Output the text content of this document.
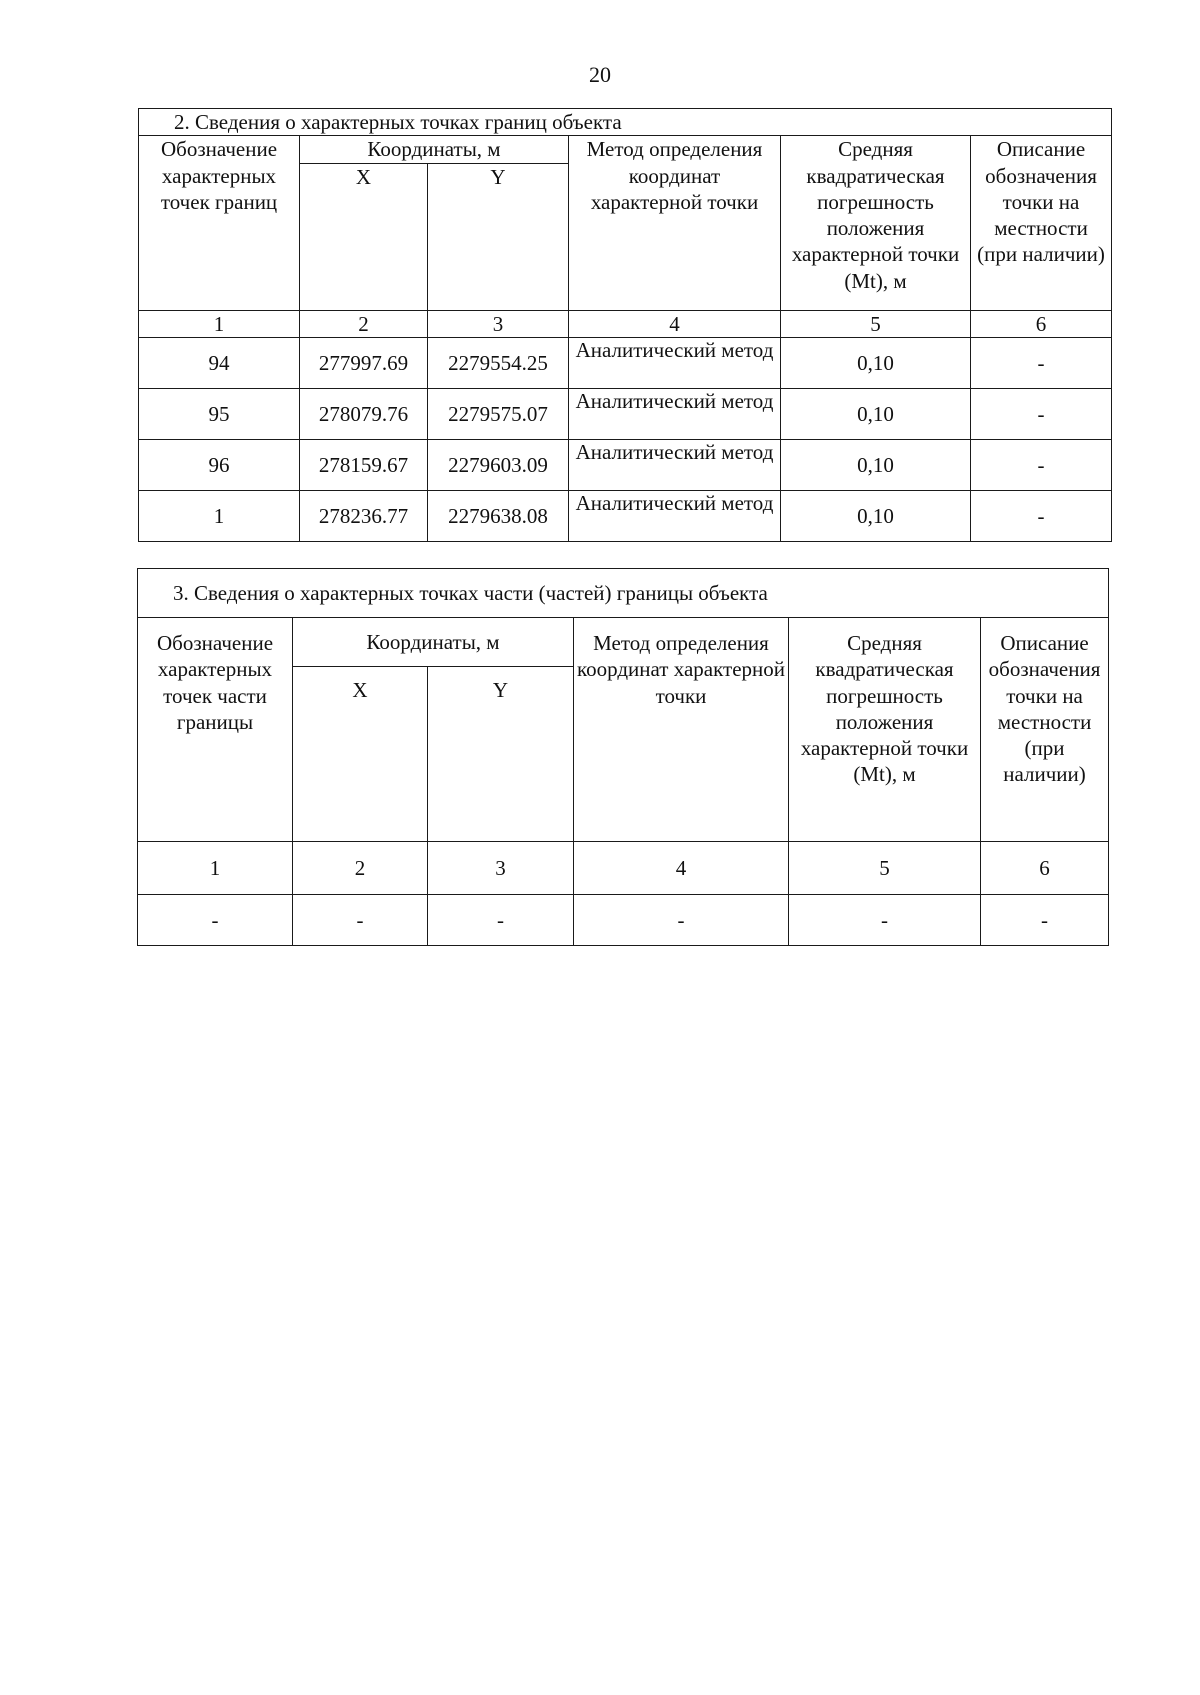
20
2. Сведения о характерных точках границ объекта					
Обозначение характерных точек границ	Координаты, м		Метод определения координат характерной точки	Средняя квадратическая погрешность положения характерной точки (Mt), м	Описание обозначения точки на местности (при наличии)
	X	Y			
1	2	3	4	5	6
94	277997.69	2279554.25	Аналитический метод	0,10	-
95	278079.76	2279575.07	Аналитический метод	0,10	-
96	278159.67	2279603.09	Аналитический метод	0,10	-
1	278236.77	2279638.08	Аналитический метод	0,10	-
3. Сведения о характерных точках части (частей) границы объекта					
Обозначение характерных точек части границы	Координаты, м		Метод определения координат характерной точки	Средняя квадратическая погрешность положения характерной точки (Mt), м	Описание обозначения точки на местности (при наличии)
	X	Y			
1	2	3	4	5	6
-	-	-	-	-	-
